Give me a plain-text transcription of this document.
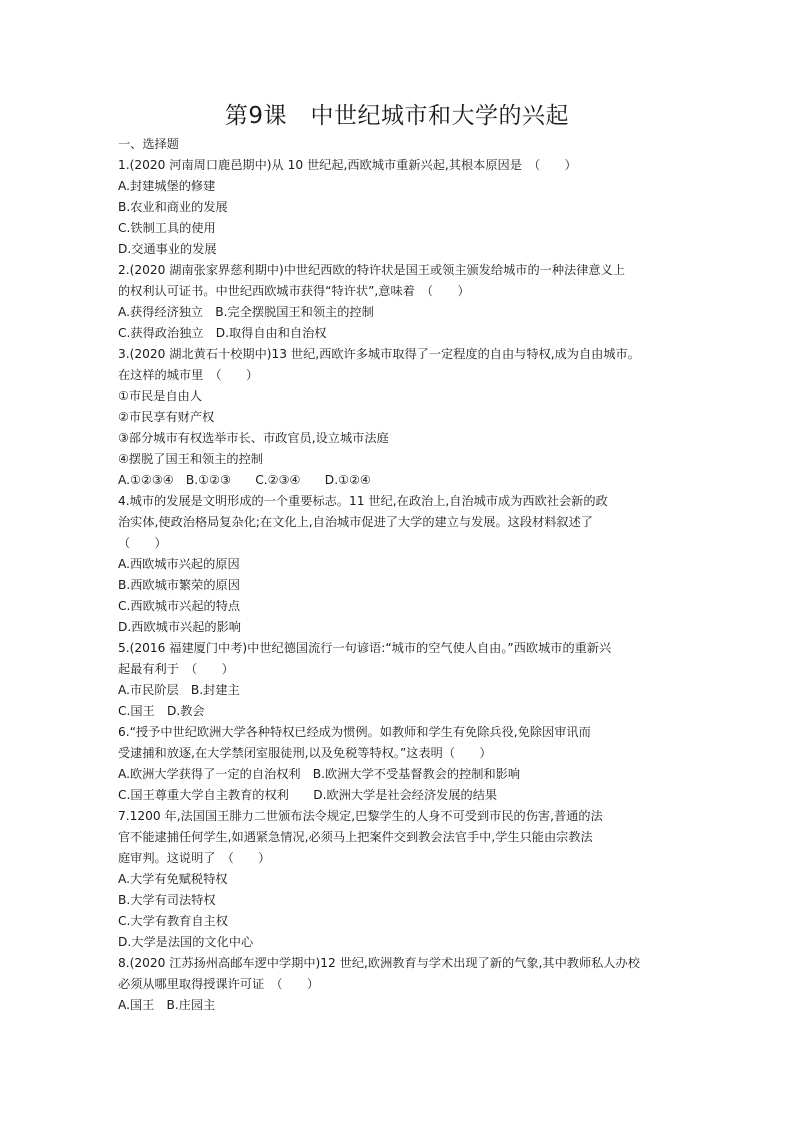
第9课　中世纪城市和大学的兴起
一、选择题
1.(2020 河南周口鹿邑期中)从 10 世纪起,西欧城市重新兴起,其根本原因是　（　　）
A.封建城堡的修建
B.农业和商业的发展
C.铁制工具的使用
D.交通事业的发展
2.(2020 湖南张家界慈利期中)中世纪西欧的特许状是国王或领主颁发给城市的一种法律意义上
的权利认可证书。中世纪西欧城市获得“特许状”,意味着　（　　）
A.获得经济独立　B.完全摆脱国王和领主的控制
C.获得政治独立　D.取得自由和自治权
3.(2020 湖北黄石十校期中)13 世纪,西欧许多城市取得了一定程度的自由与特权,成为自由城市。
在这样的城市里　（　　）
①市民是自由人
②市民享有财产权
③部分城市有权选举市长、市政官员,设立城市法庭
④摆脱了国王和领主的控制
A.①②③④　B.①②③　　C.②③④　　D.①②④
4.城市的发展是文明形成的一个重要标志。11 世纪,在政治上,自治城市成为西欧社会新的政
治实体,使政治格局复杂化;在文化上,自治城市促进了大学的建立与发展。这段材料叙述了
（　　）
A.西欧城市兴起的原因
B.西欧城市繁荣的原因
C.西欧城市兴起的特点
D.西欧城市兴起的影响
5.(2016 福建厦门中考)中世纪德国流行一句谚语:“城市的空气使人自由。”西欧城市的重新兴
起最有利于　（　　）
A.市民阶层　B.封建主
C.国王　D.教会
6.“授予中世纪欧洲大学各种特权已经成为惯例。如教师和学生有免除兵役,免除因审讯而
受逮捕和放逐,在大学禁闭室服徒刑,以及免税等特权。”这表明（　　）
A.欧洲大学获得了一定的自治权利　B.欧洲大学不受基督教会的控制和影响
C.国王尊重大学自主教育的权利　　D.欧洲大学是社会经济发展的结果
7.1200 年,法国国王腓力二世颁布法令规定,巴黎学生的人身不可受到市民的伤害,普通的法
官不能逮捕任何学生,如遇紧急情况,必须马上把案件交到教会法官手中,学生只能由宗教法
庭审判。这说明了　（　　）
A.大学有免赋税特权
B.大学有司法特权
C.大学有教育自主权
D.大学是法国的文化中心
8.(2020 江苏扬州高邮车逻中学期中)12 世纪,欧洲教育与学术出现了新的气象,其中教师私人办校
必须从哪里取得授课许可证　（　　）
A.国王　B.庄园主
